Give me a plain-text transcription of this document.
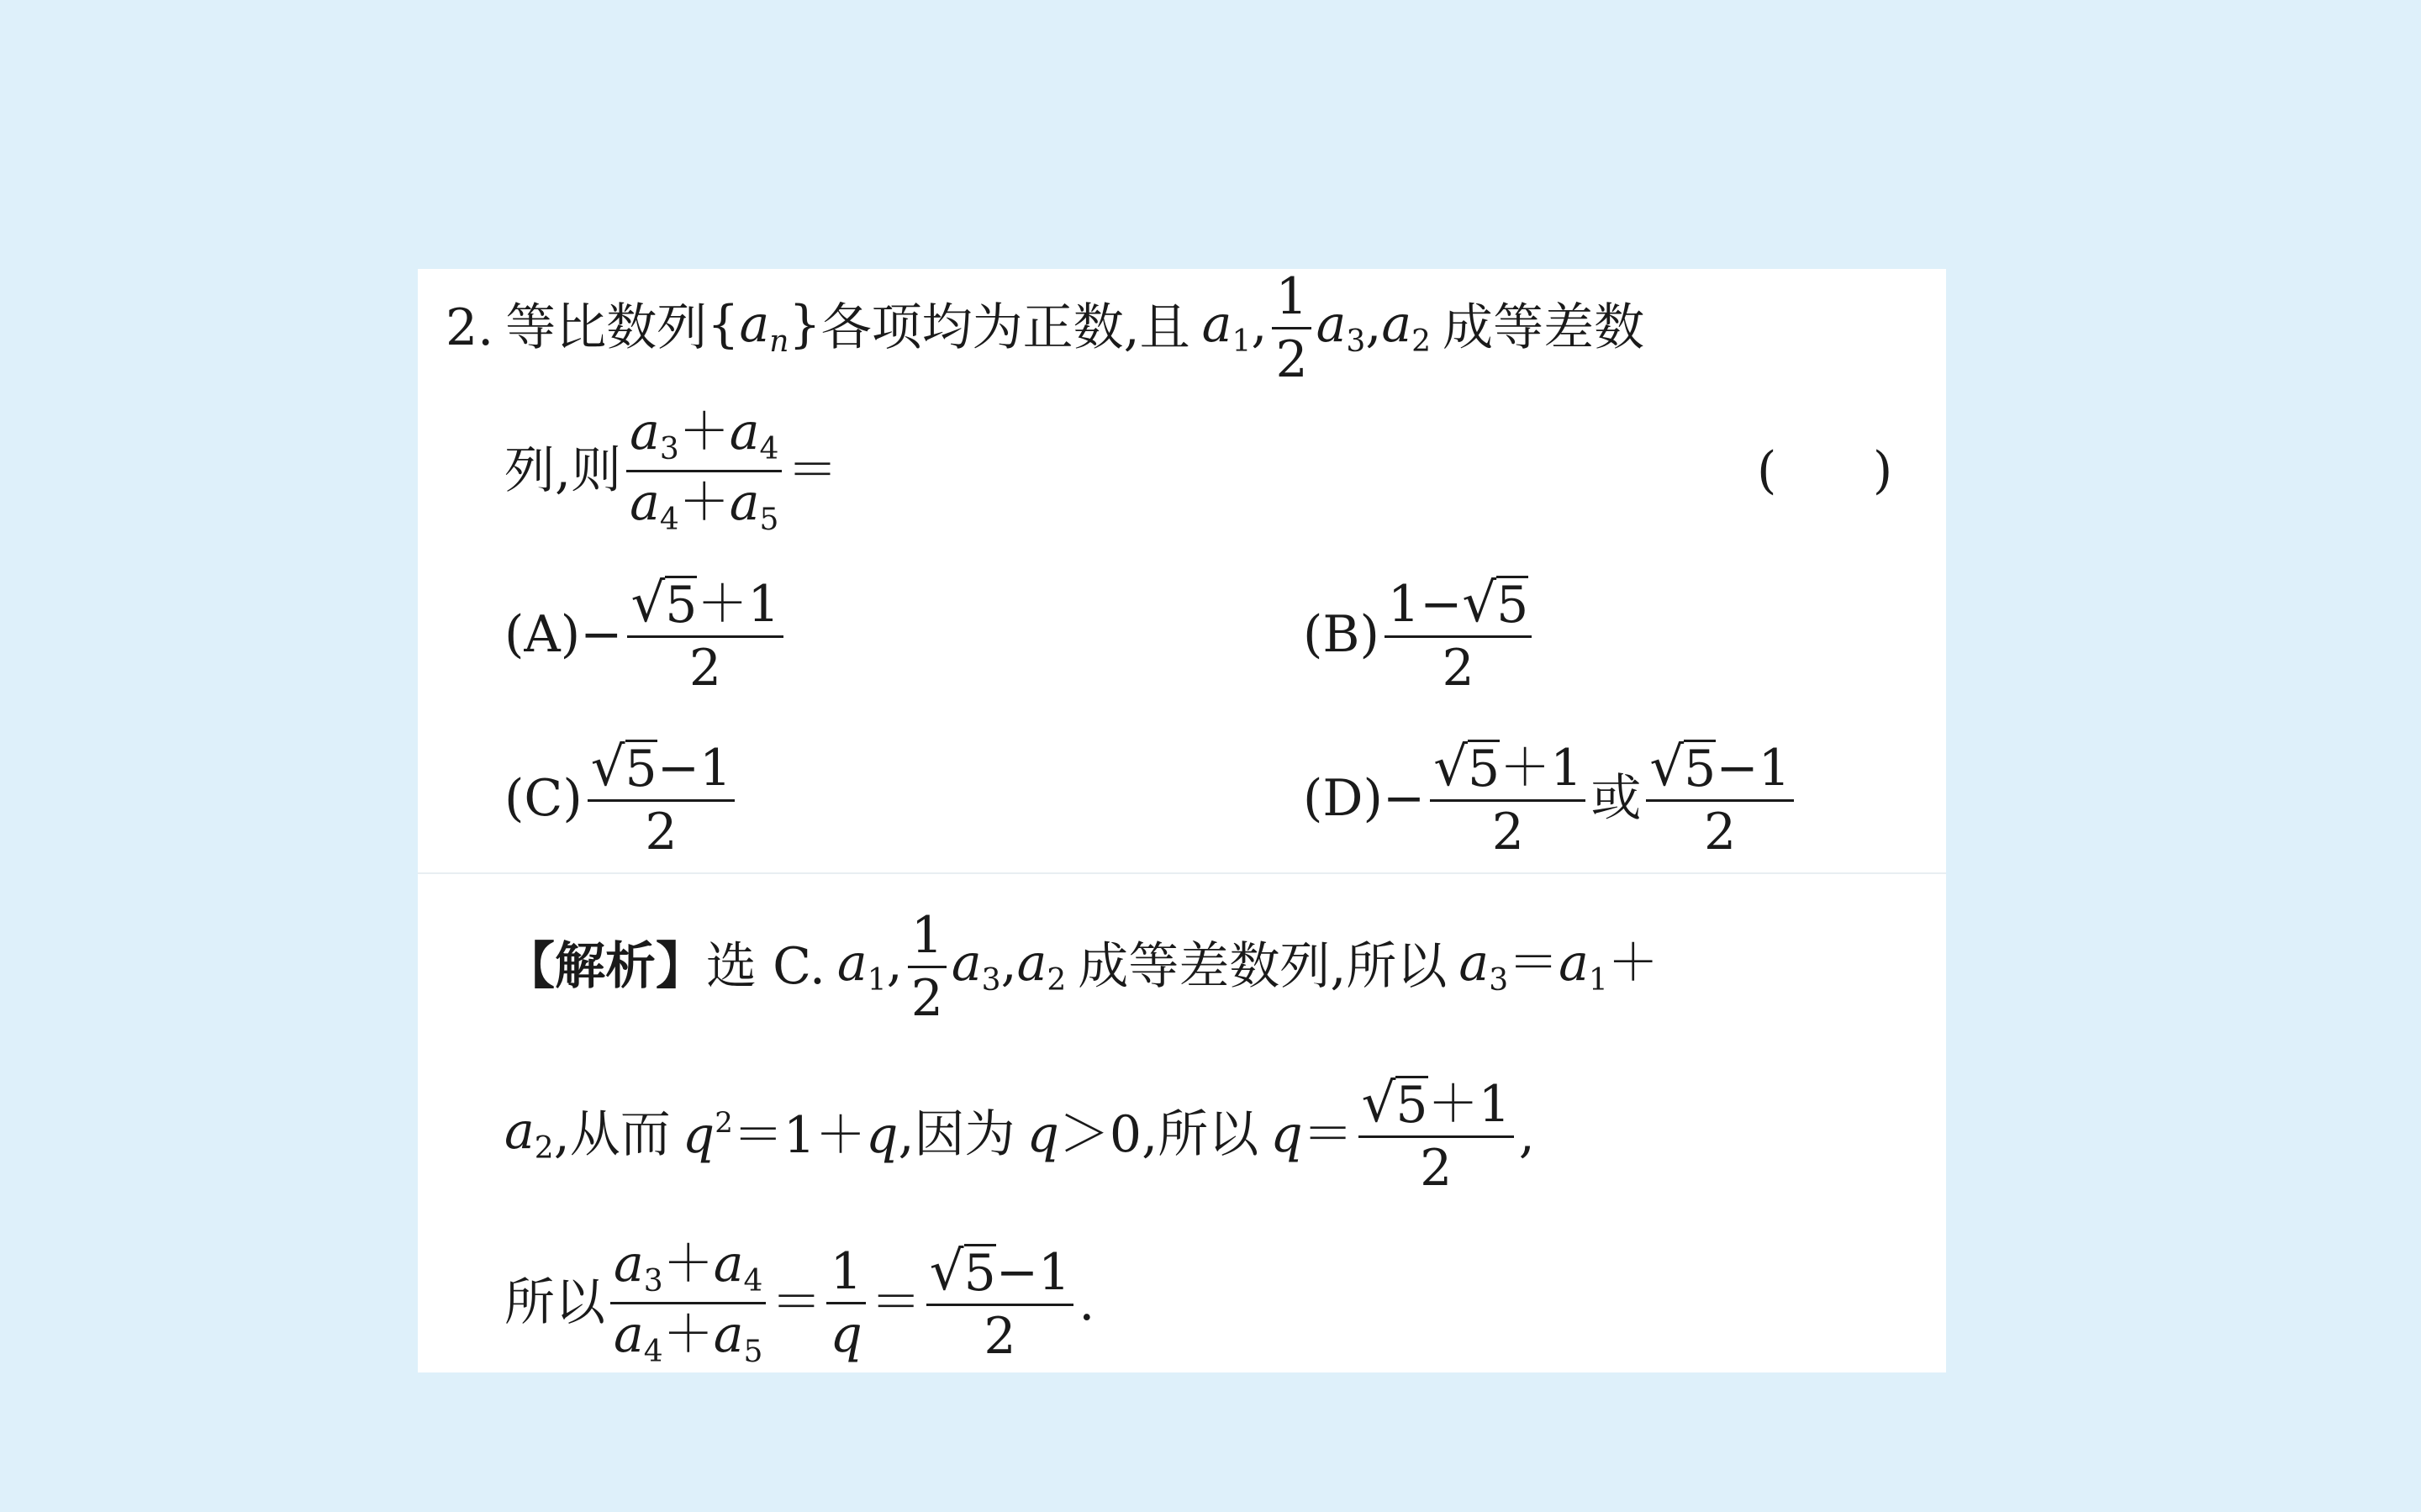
2. 等比数列 $\{a_n\}$ 各项均为正数,且 $a_1$, $\frac{1}{2} a_3,a_2$ 成等差数
列,则 $\frac{a_3+a_4}{a_4+a_5}$ ＝	(      )
$(A) - \frac{√ 5 +1}{2}$	$(B) \frac{1- √ 5}{2}$
$(C) \frac{√ 5 -1}{2}$	$(D) - \frac{√ 5 +1}{2}$ 或 $\frac{√ 5 -1}{2}$
【解析】 选 C. $a_1$, $\frac{1}{2} a_3,a_2$ 成等差数列,所以 $a_3=a_1+$
$a_2$ ,从而 $q^2=1+q$ ,因为 q＞0 ,所以 $q= \frac{√ 5 +1}{2}$ ,
所以 $\frac{a_3+a_4}{a_4+a_5} = \frac{1}{q} = \frac{√ 5 -1}{2}$ .
